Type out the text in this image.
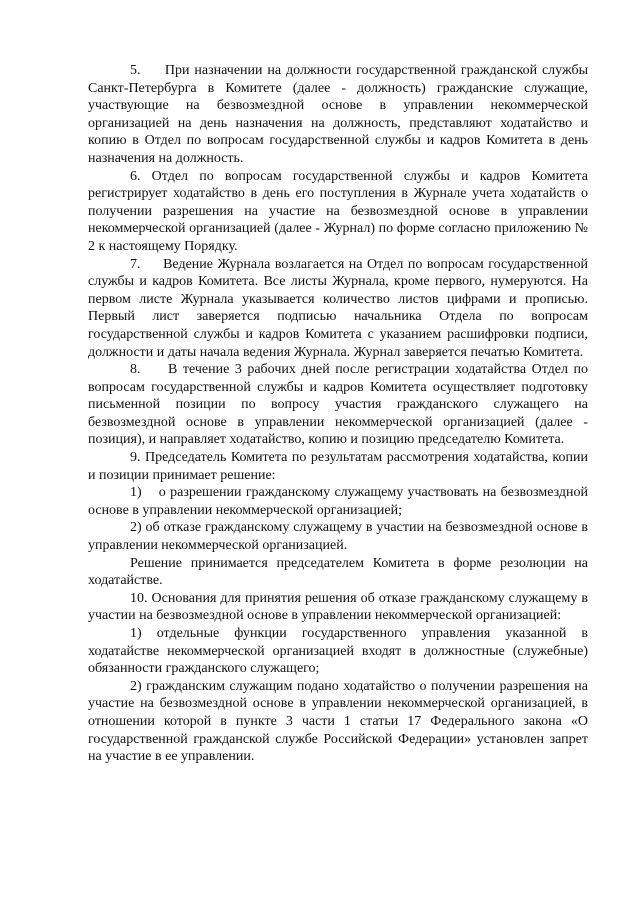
5.     При назначении на должности государственной гражданской службы Санкт-Петербурга в Комитете (далее - должность) гражданские служащие, участвующие на безвозмездной основе в управлении некоммерческой организацией на день назначения на должность, представляют ходатайство и копию в Отдел по вопросам государственной службы и кадров Комитета в день назначения на должность.

6. Отдел по вопросам государственной службы и кадров Комитета регистрирует ходатайство в день его поступления в Журнале учета ходатайств о получении разрешения на участие на безвозмездной основе в управлении некоммерческой организацией (далее - Журнал) по форме согласно приложению № 2 к настоящему Порядку.

7.     Ведение Журнала возлагается на Отдел по вопросам государственной службы и кадров Комитета. Все листы Журнала, кроме первого, нумеруются. На первом листе Журнала указывается количество листов цифрами и прописью. Первый лист заверяется подписью начальника Отдела по вопросам государственной службы и кадров Комитета с указанием расшифровки подписи, должности и даты начала ведения Журнала. Журнал заверяется печатью Комитета.

8.     В течение 3 рабочих дней после регистрации ходатайства Отдел по вопросам государственной службы и кадров Комитета осуществляет подготовку письменной позиции по вопросу участия гражданского служащего на безвозмездной основе в управлении некоммерческой организацией (далее - позиция), и направляет ходатайство, копию и позицию председателю Комитета.

9. Председатель Комитета по результатам рассмотрения ходатайства, копии и позиции принимает решение:

1)    о разрешении гражданскому служащему участвовать на безвозмездной основе в управлении некоммерческой организацией;

2) об отказе гражданскому служащему в участии на безвозмездной основе в управлении некоммерческой организацией.

Решение принимается председателем Комитета в форме резолюции на ходатайстве.

10. Основания для принятия решения об отказе гражданскому служащему в участии на безвозмездной основе в управлении некоммерческой организацией:

1) отдельные функции государственного управления указанной в ходатайстве некоммерческой организацией входят в должностные (служебные) обязанности гражданского служащего;

2) гражданским служащим подано ходатайство о получении разрешения на участие на безвозмездной основе в управлении некоммерческой организацией, в отношении которой в пункте 3 части 1 статьи 17 Федерального закона «О государственной гражданской службе Российской Федерации» установлен запрет на участие в ее управлении.
